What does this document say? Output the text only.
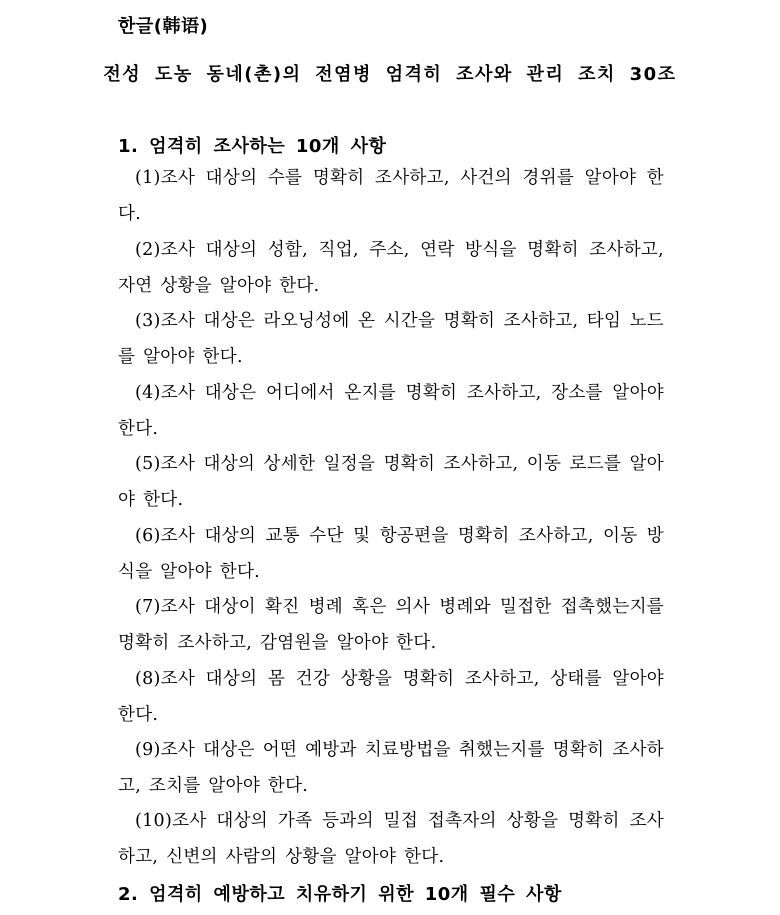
한글(韩语)
전성 도농 동네(촌)의 전염병 엄격히 조사와 관리 조치 30조
1. 엄격히 조사하는 10개 사항

(1)조사 대상의 수를 명확히 조사하고, 사건의 경위를 알아야 한다.

(2)조사 대상의 성함, 직업, 주소, 연락 방식을 명확히 조사하고, 자연 상황을 알아야 한다.

(3)조사 대상은 라오닝성에 온 시간을 명확히 조사하고, 타임 노드를 알아야 한다.

(4)조사 대상은 어디에서 온지를 명확히 조사하고, 장소를 알아야 한다.

(5)조사 대상의 상세한 일정을 명확히 조사하고, 이동 로드를 알아야 한다.

(6)조사 대상의 교통 수단 및 항공편을 명확히 조사하고, 이동 방식을 알아야 한다.

(7)조사 대상이 확진 병례 혹은 의사 병례와 밀접한 접촉했는지를 명확히 조사하고, 감염원을 알아야 한다.

(8)조사 대상의 몸 건강 상황을 명확히 조사하고, 상태를 알아야 한다.

(9)조사 대상은 어떤 예방과 치료방법을 취했는지를 명확히 조사하고, 조치를 알아야 한다.

(10)조사 대상의 가족 등과의 밀접 접촉자의 상황을 명확히 조사하고, 신변의 사람의 상황을 알아야 한다.

2. 엄격히 예방하고 치유하기 위한 10개 필수 사항
